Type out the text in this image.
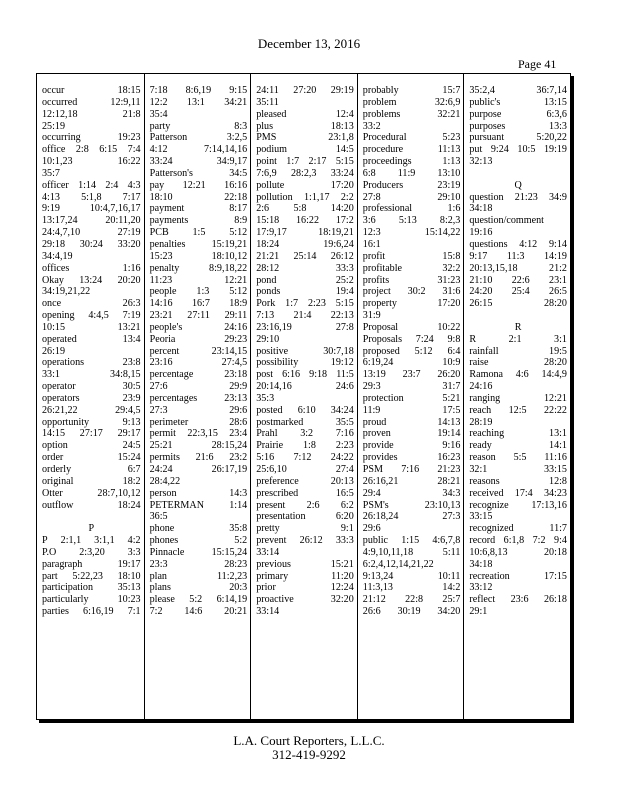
December 13, 2016
Page 41
occur	18:15
occurred	12:9,11
12:12,18	21:8
25:19
occurring	19:23
office 2:8 6:15 7:4
10:1,23	16:22
35:7
officer 1:14 2:4 4:3
4:13 5:1,8 7:17
9:19	10:4,7,16,17
13:17,24	20:11,20
24:4,7,10	27:19
29:18 30:24 33:20
34:4,19
offices	1:16
Okay 13:24 20:20
34:19,21,22
once	26:3
opening 4:4,5 7:19
10:15	13:21
operated	13:4
26:19
operations	23:8
33:1	34:8,15
operator	30:5
operators	23:9
26:21,22	29:4,5
opportunity	9:13
14:15 27:17 29:17
option	24:5
order	15:24
orderly	6:7
original	18:2
Otter	28:7,10,12
outflow	18:24

P
P 2:1,1 3:1,1 4:2
P.O 2:3,20 3:3
paragraph	19:17
part 5:22,23 18:10
participation 35:13
particularly	10:23
parties 6:16,19 7:1
7:18 8:6,19 9:15
12:2 13:1 34:21
35:4
party	8:3
Patterson	3:2,5
4:12	7:14,14,16
33:24	34:9,17
Patterson's	34:5
pay 12:21 16:16
18:10	22:18
payment	8:17
payments	8:9
PCB 1:5 5:12
penalties	15:19,21
15:23	18:10,12
penalty	8:9,18,22
11:23	12:21
people 1:3 5:12
14:16 16:7 18:9
23:21 27:11 29:11
people's	24:16
Peoria	29:23
percent	23:14,15
23:16	27:4,5
percentage	23:18
27:6	29:9
percentages	23:13
27:3	29:6
perimeter	28:6
permit 22:3,15 23:4
25:21	28:15,24
permits 21:6 23:2
24:24	26:17,19
28:4,22
person	14:3
PETERMAN 1:14
36:5
phone	35:8
phones	5:2
Pinnacle	15:15,24
23:3	28:23
plan	11:2,23
plans	20:3
please 5:2 6:14,19
7:2 14:6 20:21
24:11 27:20 29:19
35:11
pleased	12:4
plus	18:13
PMS	23:1,8
podium	14:5
point 1:7 2:17 5:15
7:6,9 28:2,3 33:24
pollute	17:20
pollution 1:1,17 2:2
2:6 5:8 14:20
15:18 16:22 17:2
17:9,17	18:19,21
18:24	19:6,24
21:21 25:14 26:12
28:12	33:3
pond	25:2
ponds	19:4
Pork 1:7 2:23 5:15
7:13 21:4 22:13
23:16,19	27:8
29:10
positive	30:7,18
possibility	19:12
post 6:16 9:18 11:5
20:14,16	24:6
35:3
posted 6:10 34:24
postmarked	35:5
Prahl 3:2 7:16
Prairie 1:8 2:23
5:16 7:12 24:22
25:6,10	27:4
preference	20:13
prescribed	16:5
present 2:6 6:2
presentation	6:20
pretty	9:1
prevent 26:12 33:3
33:14
previous	15:21
primary	11:20
prior	12:24
proactive	32:20
33:14
probably	15:7
problem	32:6,9
problems	32:21
33:2
Procedural	5:23
procedure	11:13
proceedings	1:13
6:8 11:9 13:10
Producers	23:19
27:8	29:10
professional	1:6
3:6 5:13 8:2,3
12:3	15:14,22
16:1
profit	15:8
profitable	32:2
profits	31:23
project 30:2 31:6
property	17:20
31:9
Proposal	10:22
Proposals 7:24 9:8
proposed 5:12 6:4
6:19,24	10:9
13:19 23:7 26:20
29:3	31:7
protection	5:21
11:9	17:5
proud	14:13
proven	19:14
provide	9:16
provides	16:23
PSM 7:16 21:23
26:16,21	28:21
29:4	34:3
PSM's	23:10,13
26:18,24	27:3
29:6
public 1:15 4:6,7,8
4:9,10,11,18	5:11
6:2,4,12,14,21,22
9:13,24	10:11
11:3,13	14:2
21:12 22:8 25:7
26:6 30:19 34:20
35:2,4	36:7,14
public's	13:15
purpose	6:3,6
purposes	13:3
pursuant	5:20,22
put 9:24 10:5 19:19
32:13

Q
question 21:23 34:9
34:18
question/comment
19:16
questions 4:12 9:14
9:17 11:3 14:19
20:13,15,18	21:2
21:10 22:6 23:1
24:20 25:4 26:5
26:15	28:20

R
R	2:1	3:1
rainfall	19:5
raise	28:20
Ramona 4:6 14:4,9
24:16
ranging	12:21
reach 12:5 22:22
28:19
reaching	13:1
ready	14:1
reason 5:5 11:16
32:1	33:15
reasons	12:8
received 17:4 34:23
recognize 17:13,16
33:15
recognized	11:7
record 6:1,8 7:2 9:4
10:6,8,13	20:18
34:18
recreation	17:15
33:12
reflect 23:6 26:18
29:1
L.A. Court Reporters, L.L.C.
312-419-9292
